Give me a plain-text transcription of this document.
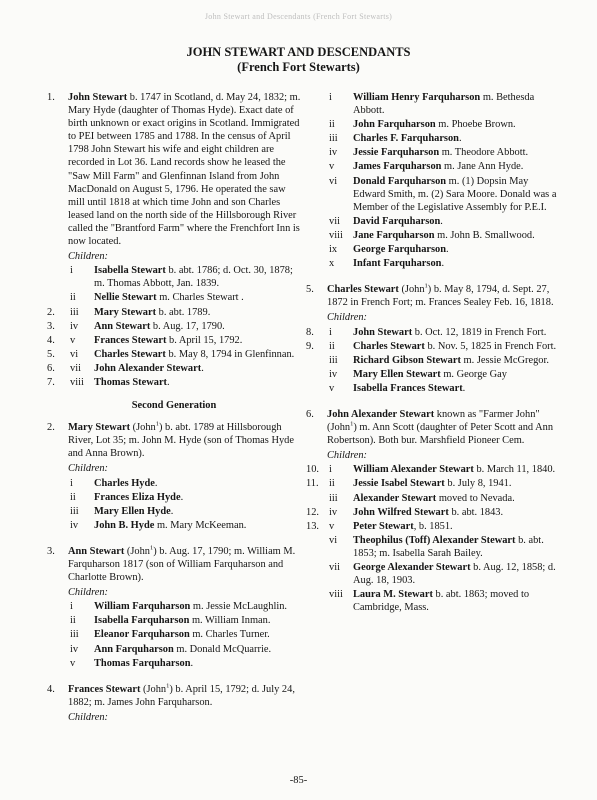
John Stewart and Descendants (French Fort Stewarts)
JOHN STEWART AND DESCENDANTS
(French Fort Stewarts)
1.	John Stewart b. 1747 in Scotland, d. May 24, 1832; m. Mary Hyde (daughter of Thomas Hyde). Exact date of birth unknown or exact origins in Scotland. Immigrated to PEI between 1785 and 1788. In the census of April 1798 John Stewart his wife and eight children are recorded in Lot 36. Land records show he leased the "Saw Mill Farm" and Glenfinnan Island from John MacDonald on August 5, 1796. He operated the saw mill until 1818 at which time John and son Charles leased land on the north side of the Hillsborough River called the "Brantford Farm" where the Frenchfort Inn is now located.
Children:
i	Isabella Stewart b. abt. 1786; d. Oct. 30, 1878; m. Thomas Abbott, Jan. 1839.
ii	Nellie Stewart m. Charles Stewart .
2.	iii	Mary Stewart b. abt. 1789.
3.	iv	Ann Stewart b. Aug. 17, 1790.
4.	v	Frances Stewart b. April 15, 1792.
5.	vi	Charles Stewart b. May 8, 1794 in Glenfinnan.
6.	vii	John Alexander Stewart.
7.	viii Thomas Stewart.
Second Generation
2.	Mary Stewart (John$^1$) b. abt. 1789 at Hillsborough River, Lot 35; m. John M. Hyde (son of Thomas Hyde and Anna Brown).
Children:
i	Charles Hyde.
ii	Frances Eliza Hyde.
iii	Mary Ellen Hyde.
iv	John B. Hyde m. Mary McKeeman.
3.	Ann Stewart (John$^1$) b. Aug. 17, 1790; m. William M. Farquharson 1817 (son of William Farquharson and Charlotte Brown).
Children:
i	William Farquharson m. Jessie McLaughlin.
ii	Isabella Farquharson m. William Inman.
iii	Eleanor Farquharson m. Charles Turner.
iv	Ann Farquharson m. Donald McQuarrie.
v	Thomas Farquharson.
4.	Frances Stewart (John$^1$) b. April 15, 1792; d. July 24, 1882; m. James John Farquharson.
Children:
i	William Henry Farquharson m. Bethesda Abbott.
ii	John Farquharson m. Phoebe Brown.
iii	Charles F. Farquharson.
iv	Jessie Farquharson m. Theodore Abbott.
v	James Farquharson m. Jane Ann Hyde.
vi	Donald Farquharson m. (1) Dopsin May Edward Smith, m. (2) Sara Moore. Donald was a Member of the Legislative Assembly for P.E.I.
vii	David Farquharson.
viii Jane Farquharson m. John B. Smallwood.
ix	George Farquharson.
x	Infant Farquharson.
5.	Charles Stewart (John$^1$) b. May 8, 1794, d. Sept. 27, 1872 in French Fort; m. Frances Sealey Feb. 16, 1818.
Children:
8.	i	John Stewart b. Oct. 12, 1819 in French Fort.
9.	ii	Charles Stewart b. Nov. 5, 1825 in French Fort.
iii	Richard Gibson Stewart m. Jessie McGregor.
iv	Mary Ellen Stewart m. George Gay
v	Isabella Frances Stewart.
6.	John Alexander Stewart known as "Farmer John" (John$^1$) m. Ann Scott (daughter of Peter Scott and Ann Robertson). Both bur. Marshfield Pioneer Cem.
Children:
10. i	William Alexander Stewart b. March 11, 1840.
11. ii	Jessie Isabel Stewart b. July 8, 1941.
iii	Alexander Stewart moved to Nevada.
12. iv	John Wilfred Stewart b. abt. 1843.
13. v	Peter Stewart, b. 1851.
vi	Theophilus (Toff) Alexander Stewart b. abt. 1853; m. Isabella Sarah Bailey.
vii	George Alexander Stewart b. Aug. 12, 1858; d. Aug. 18, 1903.
viii Laura M. Stewart b. abt. 1863; moved to Cambridge, Mass.
-85-
